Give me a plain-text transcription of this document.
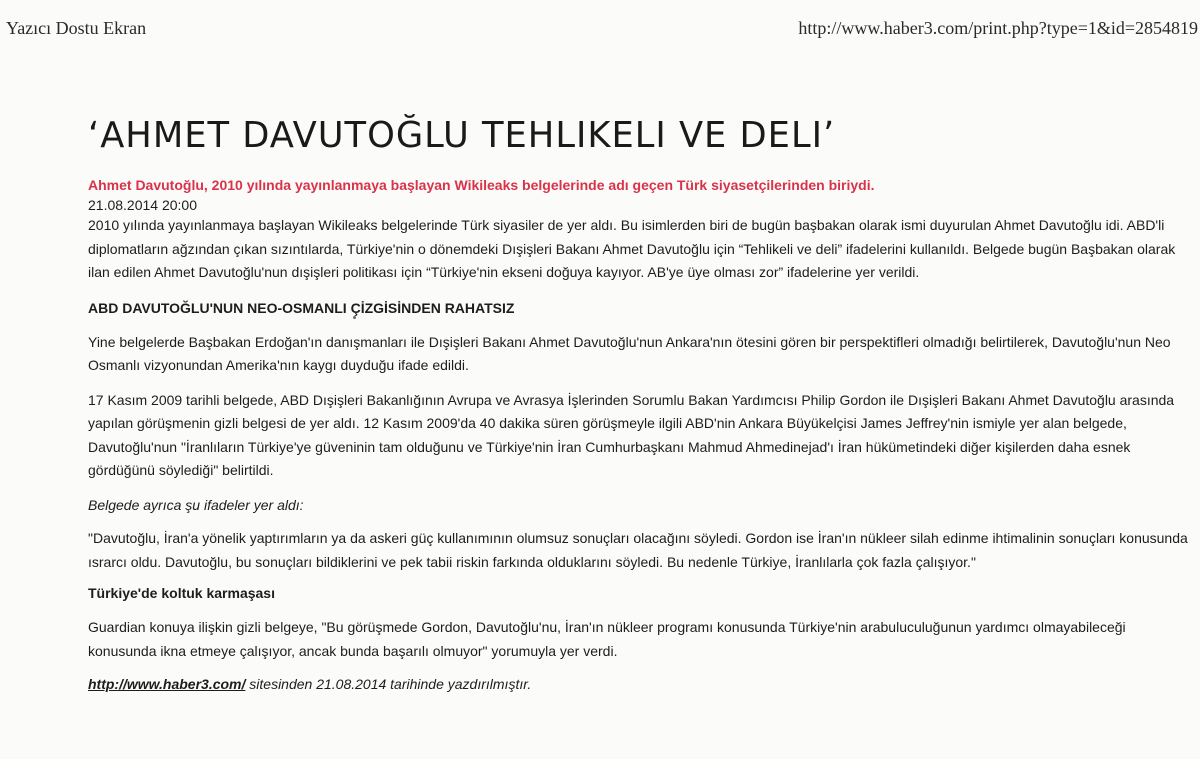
Yazıcı Dostu Ekran	http://www.haber3.com/print.php?type=1&id=2854819
‘AHMET DAVUTOĞLU TEHLIKELI VE DELI’

Ahmet Davutoğlu, 2010 yılında yayınlanmaya başlayan Wikileaks belgelerinde adı geçen Türk siyasetçilerinden biriydi.

21.08.2014 20:00

2010 yılında yayınlanmaya başlayan Wikileaks belgelerinde Türk siyasiler de yer aldı. Bu isimlerden biri de bugün başbakan olarak ismi duyurulan Ahmet Davutoğlu idi. ABD'li diplomatların ağzından çıkan sızıntılarda, Türkiye'nin o dönemdeki Dışişleri Bakanı Ahmet Davutoğlu için “Tehlikeli ve deli” ifadelerini kullanıldı. Belgede bugün Başbakan olarak ilan edilen Ahmet Davutoğlu'nun dışişleri politikası için “Türkiye'nin ekseni doğuya kayıyor. AB'ye üye olması zor” ifadelerine yer verildi.

ABD DAVUTOĞLU'NUN NEO-OSMANLI ÇİZGİSİNDEN RAHATSIZ

Yine belgelerde Başbakan Erdoğan'ın danışmanları ile Dışişleri Bakanı Ahmet Davutoğlu'nun Ankara'nın ötesini gören bir perspektifleri olmadığı belirtilerek, Davutoğlu'nun Neo Osmanlı vizyonundan Amerika'nın kaygı duyduğu ifade edildi.

17 Kasım 2009 tarihli belgede, ABD Dışişleri Bakanlığının Avrupa ve Avrasya İşlerinden Sorumlu Bakan Yardımcısı Philip Gordon ile Dışişleri Bakanı Ahmet Davutoğlu arasında yapılan görüşmenin gizli belgesi de yer aldı. 12 Kasım 2009'da 40 dakika süren görüşmeyle ilgili ABD'nin Ankara Büyükelçisi James Jeffrey'nin ismiyle yer alan belgede, Davutoğlu'nun "İranlıların Türkiye'ye güveninin tam olduğunu ve Türkiye'nin İran Cumhurbaşkanı Mahmud Ahmedinejad'ı İran hükümetindeki diğer kişilerden daha esnek gördüğünü söylediği" belirtildi.

Belgede ayrıca şu ifadeler yer aldı:

"Davutoğlu, İran'a yönelik yaptırımların ya da askeri güç kullanımının olumsuz sonuçları olacağını söyledi. Gordon ise İran'ın nükleer silah edinme ihtimalinin sonuçları konusunda ısrarcı oldu. Davutoğlu, bu sonuçları bildiklerini ve pek tabii riskin farkında olduklarını söyledi. Bu nedenle Türkiye, İranlılarla çok fazla çalışıyor."

Türkiye'de koltuk karmaşası

Guardian konuya ilişkin gizli belgeye, "Bu görüşmede Gordon, Davutoğlu'nu, İran'ın nükleer programı konusunda Türkiye'nin arabuluculuğunun yardımcı olmayabileceği konusunda ikna etmeye çalışıyor, ancak bunda başarılı olmuyor" yorumuyla yer verdi.

http://www.haber3.com/ sitesinden 21.08.2014 tarihinde yazdırılmıştır.
